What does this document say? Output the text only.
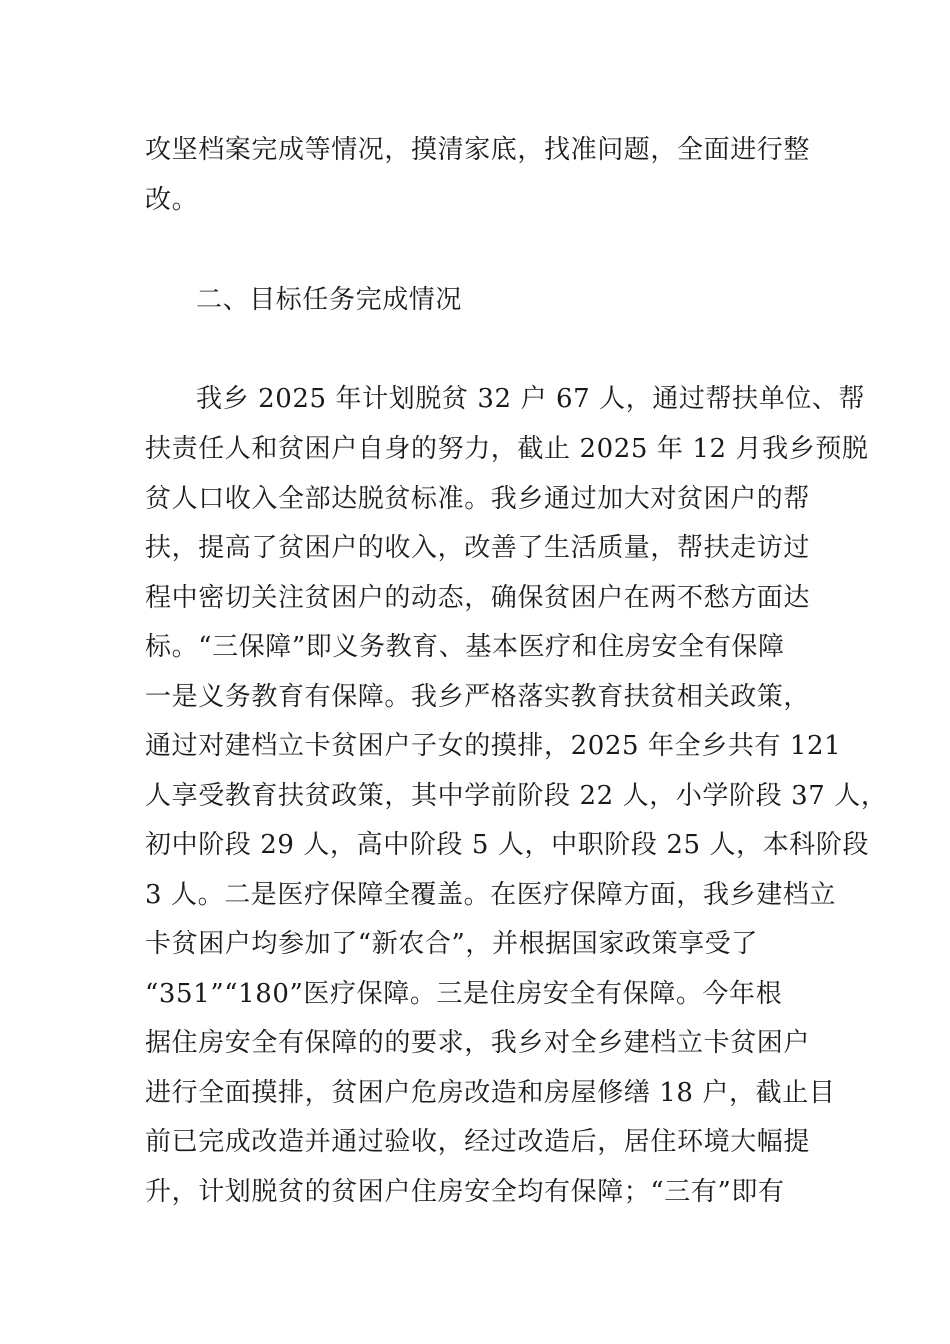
攻坚档案完成等情况，摸清家底，找准问题，全面进行整
改。
二、目标任务完成情况
我乡 2025 年计划脱贫 32 户 67 人，通过帮扶单位、帮
扶责任人和贫困户自身的努力，截止 2025 年 12 月我乡预脱
贫人口收入全部达脱贫标准。我乡通过加大对贫困户的帮
扶，提高了贫困户的收入，改善了生活质量，帮扶走访过
程中密切关注贫困户的动态，确保贫困户在两不愁方面达
标。“三保障”即义务教育、基本医疗和住房安全有保障
一是义务教育有保障。我乡严格落实教育扶贫相关政策，
通过对建档立卡贫困户子女的摸排，2025 年全乡共有 121
人享受教育扶贫政策，其中学前阶段 22 人，小学阶段 37 人，
初中阶段 29 人，高中阶段 5 人，中职阶段 25 人，本科阶段
3 人。二是医疗保障全覆盖。在医疗保障方面，我乡建档立
卡贫困户均参加了“新农合”，并根据国家政策享受了
“351”“180”医疗保障。三是住房安全有保障。今年根
据住房安全有保障的的要求，我乡对全乡建档立卡贫困户
进行全面摸排，贫困户危房改造和房屋修缮 18 户，截止目
前已完成改造并通过验收，经过改造后，居住环境大幅提
升，计划脱贫的贫困户住房安全均有保障；“三有”即有
